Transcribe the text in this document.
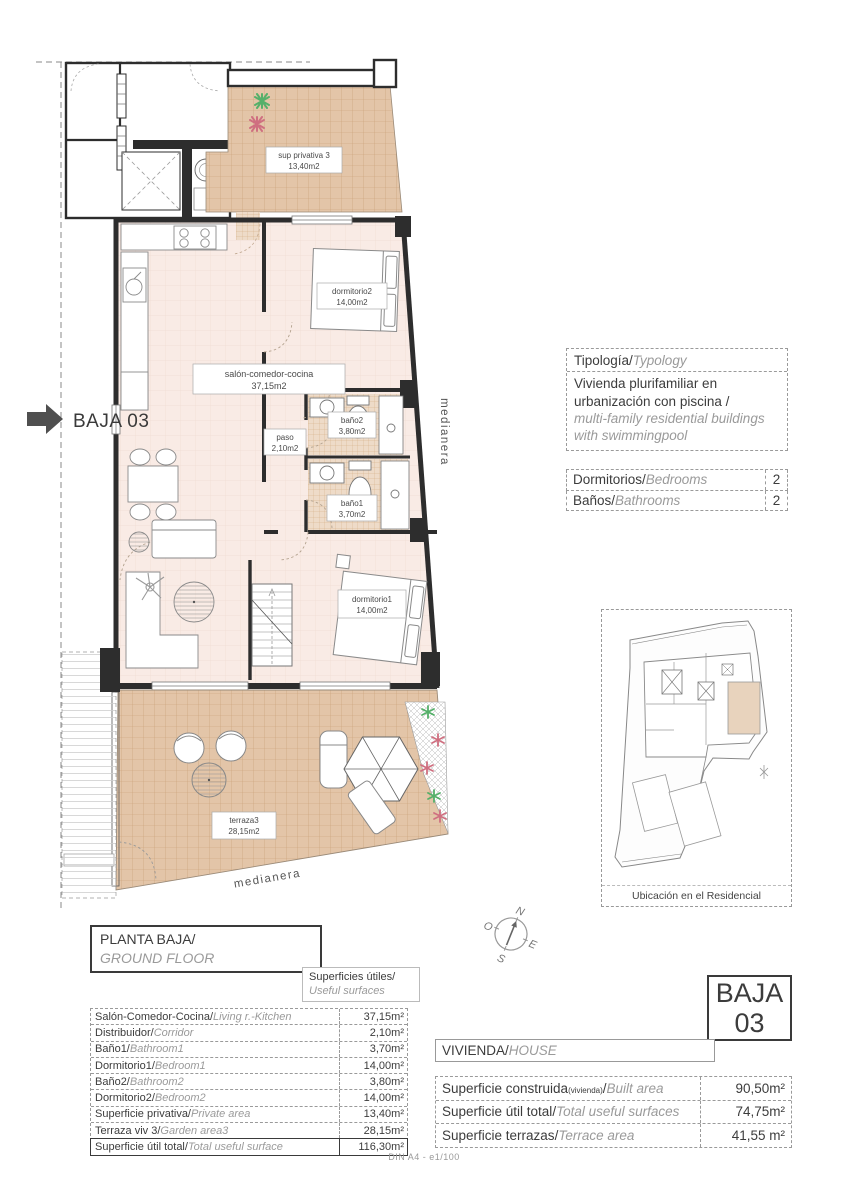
sup privativa 3
13,40m2
terraza3
28,15m2
medianera
dormitorio2
14,00m2
salón-comedor-cocina
37,15m2
paso
2,10m2
baño2
3,80m2
baño1
3,70m2
dormitorio1
14,00m2
medianera
BAJA 03
N
S
E
O
Tipología/Typology
Vivienda plurifamiliar en urbanización con piscina /
multi-family residential buildings with swimmingpool
Dormitorios/Bedrooms	2
Baños/Bathrooms	2
Ubicación en el Residencial
PLANTA BAJA/
GROUND FLOOR
Superficies útiles/
Useful surfaces
Salón-Comedor-Cocina/Living r.-Kitchen	37,15m²
Distribuidor/Corridor	2,10m²
Baño1/Bathroom1	3,70m²
Dormitorio1/Bedroom1	14,00m²
Baño2/Bathroom2	3,80m²
Dormitorio2/Bedroom2	14,00m²
Superficie privativa/Private area	13,40m²
Terraza viv 3/Garden area3	28,15m²
Superficie útil total/Total useful surface	116,30m²
BAJA
03
VIVIENDA/ HOUSE
Superficie construida(vivienda)/Built area	90,50m²
Superficie útil total/Total useful surfaces	74,75m²
Superficie terrazas/Terrace area	41,55 m²
DIN A4 - e1/100
